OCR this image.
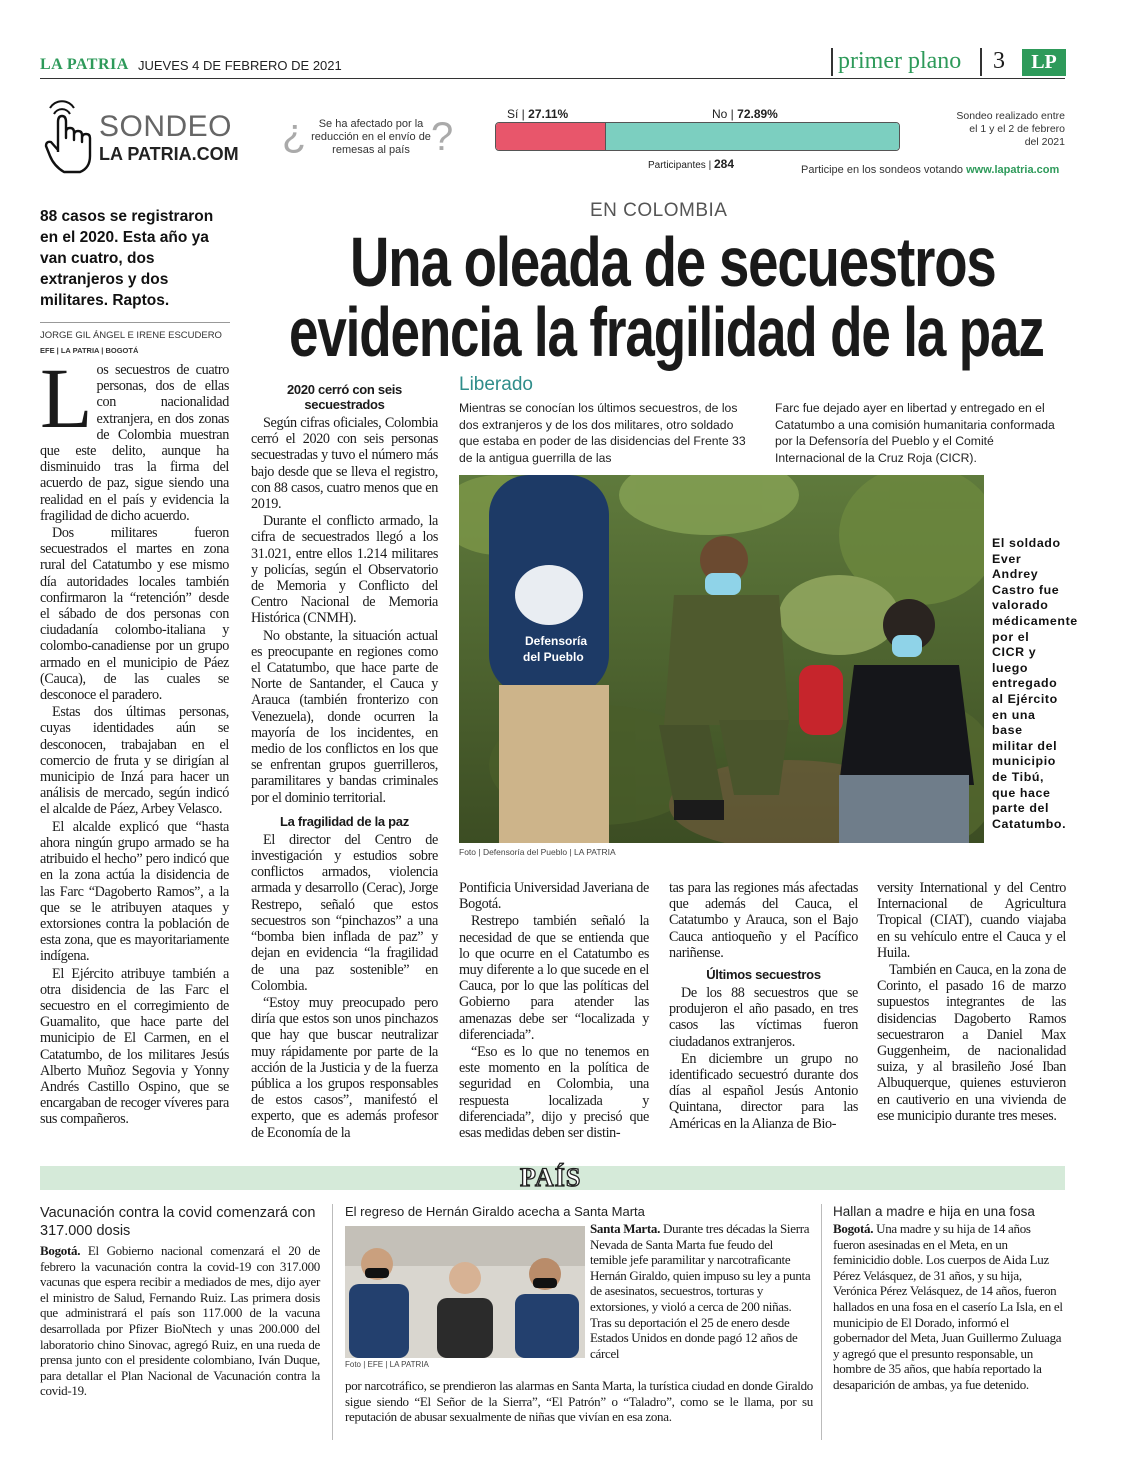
LA PATRIA JUEVES 4 DE FEBRERO DE 2021	primer plano 3	LP
SONDEO
LA PATRIA.COM ?	Se ha afectado por la reducción en el envío de remesas al país ?
Sí | 27.11%	No | 72.89%
Participantes | 284
Sondeo realizado entre el 1 y el 2 de febrero del 2021
Participe en los sondeos votando www.lapatria.com
EN COLOMBIA
Una oleada de secuestros
evidencia la fragilidad de la paz
88 casos se registraron en el 2020. Esta año ya van cuatro, dos extranjeros y dos militares. Raptos.
JORGE GIL ÁNGEL E IRENE ESCUDERO
EFE | LA PATRIA | BOGOTÁ
L os secuestros de cuatro personas, dos de ellas con nacionalidad extranjera, en dos zonas de Colombia muestran que este delito, aunque ha disminuido tras la firma del acuerdo de paz, sigue siendo una realidad en el país y evidencia la fragilidad de dicho acuerdo.

Dos militares fueron secuestrados el martes en zona rural del Catatumbo y ese mismo día autoridades locales también confirmaron la “retención” desde el sábado de dos personas con ciudadanía colombo-italiana y colombo-canadiense por un grupo armado en el municipio de Páez (Cauca), de las cuales se desconoce el paradero.

Estas dos últimas personas, cuyas identidades aún se desconocen, trabajaban en el comercio de fruta y se dirigían al municipio de Inzá para hacer un análisis de mercado, según indicó el alcalde de Páez, Arbey Velasco.

El alcalde explicó que “hasta ahora ningún grupo armado se ha atribuido el hecho” pero indicó que en la zona actúa la disidencia de las Farc “Dagoberto Ramos”, a la que se le atribuyen ataques y extorsiones contra la población de esta zona, que es mayoritariamente indígena.

El Ejército atribuye también a otra disidencia de las Farc el secuestro en el corregimiento de Guamalito, que hace parte del municipio de El Carmen, en el Catatumbo, de los militares Jesús Alberto Muñoz Segovia y Yonny Andrés Castillo Ospino, que se encargaban de recoger víveres para sus compañeros.

2020 cerró con seis secuestrados

Según cifras oficiales, Colombia cerró el 2020 con seis personas secuestradas y tuvo el número más bajo desde que se lleva el registro, con 88 casos, cuatro menos que en 2019.

Durante el conflicto armado, la cifra de secuestrados llegó a los 31.021, entre ellos 1.214 militares y policías, según el Observatorio de Memoria y Conflicto del Centro Nacional de Memoria Histórica (CNMH).

No obstante, la situación actual es preocupante en regiones como el Catatumbo, que hace parte de Norte de Santander, el Cauca y Arauca (también fronterizo con Venezuela), donde ocurren la mayoría de los incidentes, en medio de los conflictos en los que se enfrentan grupos guerrilleros, paramilitares y bandas criminales por el dominio territorial.

La fragilidad de la paz

El director del Centro de investigación y estudios sobre conflictos armados, violencia armada y desarrollo (Cerac), Jorge Restrepo, señaló que estos secuestros son “pinchazos” a una “bomba bien inflada de paz” y dejan en evidencia “la fragilidad de una paz sostenible” en Colombia.

“Estoy muy preocupado pero diría que estos son unos pinchazos que hay que buscar neutralizar muy rápidamente por parte de la acción de la Justicia y de la fuerza pública a los grupos responsables de estos casos”, manifestó el experto, que es además profesor de Economía de la

Liberado
Mientras se conocían los últimos secuestros, de los dos extranjeros y de los dos militares, otro soldado que estaba en poder de las disidencias del Frente 33 de la antigua guerrilla de las
Farc fue dejado ayer en libertad y entregado en el Catatumbo a una comisión humanitaria conformada por la Defensoría del Pueblo y el Comité Internacional de la Cruz Roja (CICR).
Defensoría
del Pueblo
Foto | Defensoría del Pueblo | LA PATRIA
El soldado Ever Andrey Castro fue valorado médicamente por el CICR y luego entregado al Ejército en una base militar del municipio de Tibú, que hace parte del Catatumbo.

Pontificia Universidad Javeriana de Bogotá.

Restrepo también señaló la necesidad de que se entienda que lo que ocurre en el Catatumbo es muy diferente a lo que sucede en el Cauca, por lo que las políticas del Gobierno para atender las amenazas debe ser “localizada y diferenciada”.

“Eso es lo que no tenemos en este momento en la política de seguridad en Colombia, una respuesta localizada y diferenciada”, dijo y precisó que esas medidas deben ser distin-

tas para las regiones más afectadas que además del Cauca, el Catatumbo y Arauca, son el Bajo Cauca antioqueño y el Pacífico nariñense.

Últimos secuestros

De los 88 secuestros que se produjeron el año pasado, en tres casos las víctimas fueron ciudadanos extranjeros.

En diciembre un grupo no identificado secuestró durante dos días al español Jesús Antonio Quintana, director para las Américas en la Alianza de Bio-

versity International y del Centro Internacional de Agricultura Tropical (CIAT), cuando viajaba en su vehículo entre el Cauca y el Huila.

También en Cauca, en la zona de Corinto, el pasado 16 de marzo supuestos integrantes de las disidencias Dagoberto Ramos secuestraron a Daniel Max Guggenheim, de nacionalidad suiza, y al brasileño José Iban Albuquerque, quienes estuvieron en cautiverio en una vivienda de ese municipio durante tres meses.

PAÍS
Vacunación contra la covid comenzará con 317.000 dosis

Bogotá. El Gobierno nacional comenzará el 20 de febrero la vacunación contra la covid-19 con 317.000 vacunas que espera recibir a mediados de mes, dijo ayer el ministro de Salud, Fernando Ruiz. Las primera dosis que administrará el país son 117.000 de la vacuna desarrollada por Pfizer BioNtech y unas 200.000 del laboratorio chino Sinovac, agregó Ruiz, en una rueda de prensa junto con el presidente colombiano, Iván Duque, para detallar el Plan Nacional de Vacunación contra la covid-19.

El regreso de Hernán Giraldo acecha a Santa Marta
Foto | EFE | LA PATRIA

Santa Marta. Durante tres décadas la Sierra Nevada de Santa Marta fue feudo del temible jefe paramilitar y narcotraficante Hernán Giraldo, quien impuso su ley a punta de asesinatos, secuestros, torturas y extorsiones, y violó a cerca de 200 niñas. Tras su deportación el 25 de enero desde Estados Unidos en donde pagó 12 años de cárcel

por narcotráfico, se prendieron las alarmas en Santa Marta, la turística ciudad en donde Giraldo sigue siendo “El Señor de la Sierra”, “El Patrón” o “Taladro”, como se le llama, por su reputación de abusar sexualmente de niñas que vivían en esa zona.

Hallan a madre e hija en una fosa

Bogotá. Una madre y su hija de 14 años fueron asesinadas en el Meta, en un feminicidio doble. Los cuerpos de Aida Luz Pérez Velásquez, de 31 años, y su hija, Verónica Pérez Velásquez, de 14 años, fueron hallados en una fosa en el caserío La Isla, en el municipio de El Dorado, informó el gobernador del Meta, Juan Guillermo Zuluaga y agregó que el presunto responsable, un hombre de 35 años, que había reportado la desaparición de ambas, ya fue detenido.
